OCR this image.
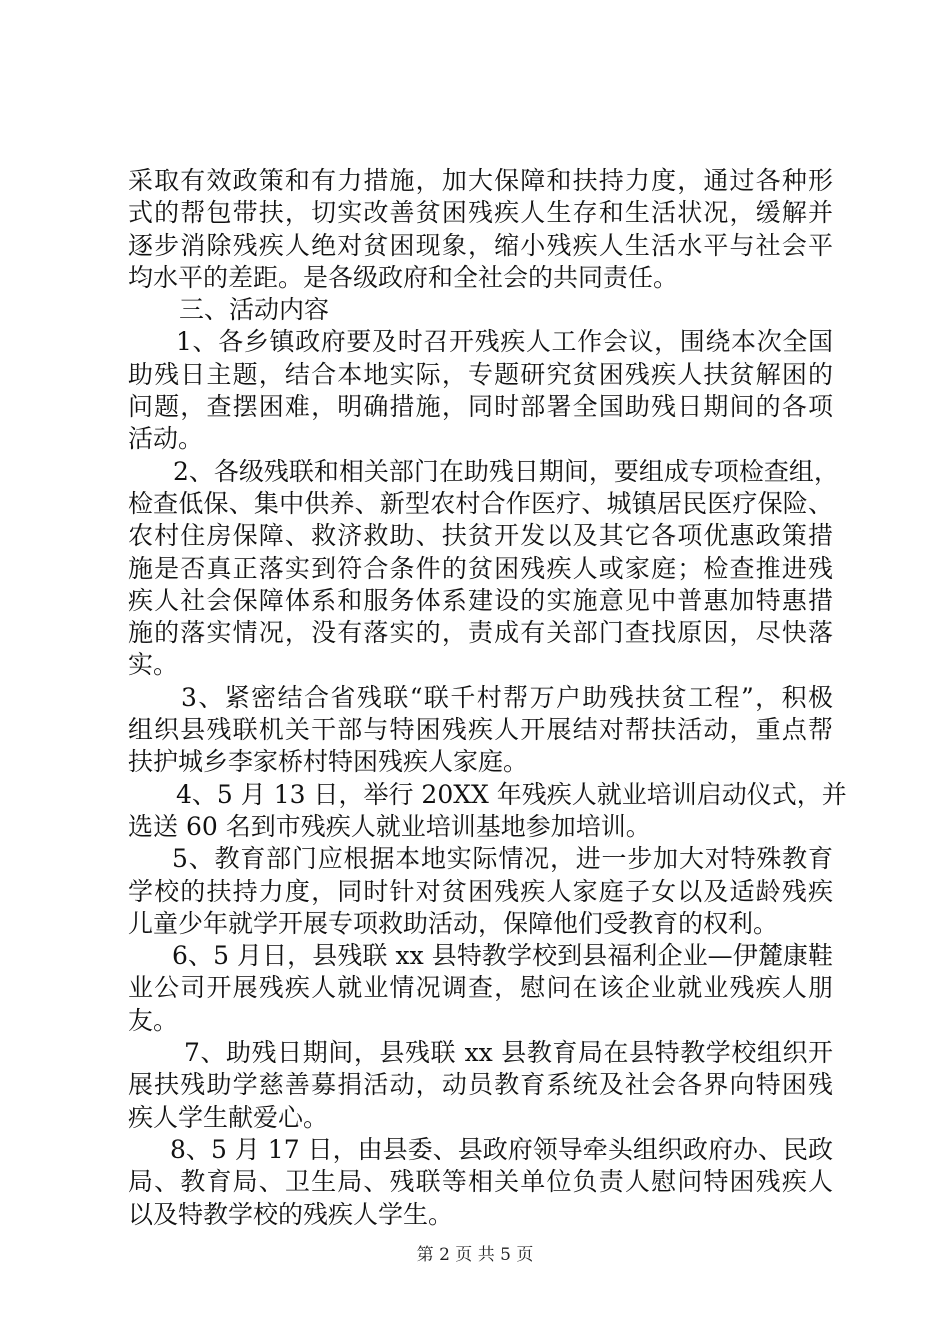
采取有效政策和有力措施，加大保障和扶持力度，通过各种形
式的帮包带扶，切实改善贫困残疾人生存和生活状况，缓解并
逐步消除残疾人绝对贫困现象，缩小残疾人生活水平与社会平
均水平的差距。是各级政府和全社会的共同责任。
三、活动内容
1、各乡镇政府要及时召开残疾人工作会议，围绕本次全国
助残日主题，结合本地实际，专题研究贫困残疾人扶贫解困的
问题，查摆困难，明确措施，同时部署全国助残日期间的各项
活动。
2、各级残联和相关部门在助残日期间，要组成专项检查组，
检查低保、集中供养、新型农村合作医疗、城镇居民医疗保险、
农村住房保障、救济救助、扶贫开发以及其它各项优惠政策措
施是否真正落实到符合条件的贫困残疾人或家庭；检查推进残
疾人社会保障体系和服务体系建设的实施意见中普惠加特惠措
施的落实情况，没有落实的，责成有关部门查找原因，尽快落
实。
3、紧密结合省残联“联千村帮万户助残扶贫工程”，积极
组织县残联机关干部与特困残疾人开展结对帮扶活动，重点帮
扶护城乡李家桥村特困残疾人家庭。
4、5 月 13 日，举行 20XX 年残疾人就业培训启动仪式，并
选送 60 名到市残疾人就业培训基地参加培训。
5、教育部门应根据本地实际情况，进一步加大对特殊教育
学校的扶持力度，同时针对贫困残疾人家庭子女以及适龄残疾
儿童少年就学开展专项救助活动，保障他们受教育的权利。
6、5 月日，县残联 xx 县特教学校到县福利企业—伊麓康鞋
业公司开展残疾人就业情况调查，慰问在该企业就业残疾人朋
友。
7、助残日期间，县残联 xx 县教育局在县特教学校组织开
展扶残助学慈善募捐活动，动员教育系统及社会各界向特困残
疾人学生献爱心。
8、5 月 17 日，由县委、县政府领导牵头组织政府办、民政
局、教育局、卫生局、残联等相关单位负责人慰问特困残疾人
以及特教学校的残疾人学生。
第 2 页 共 5 页
